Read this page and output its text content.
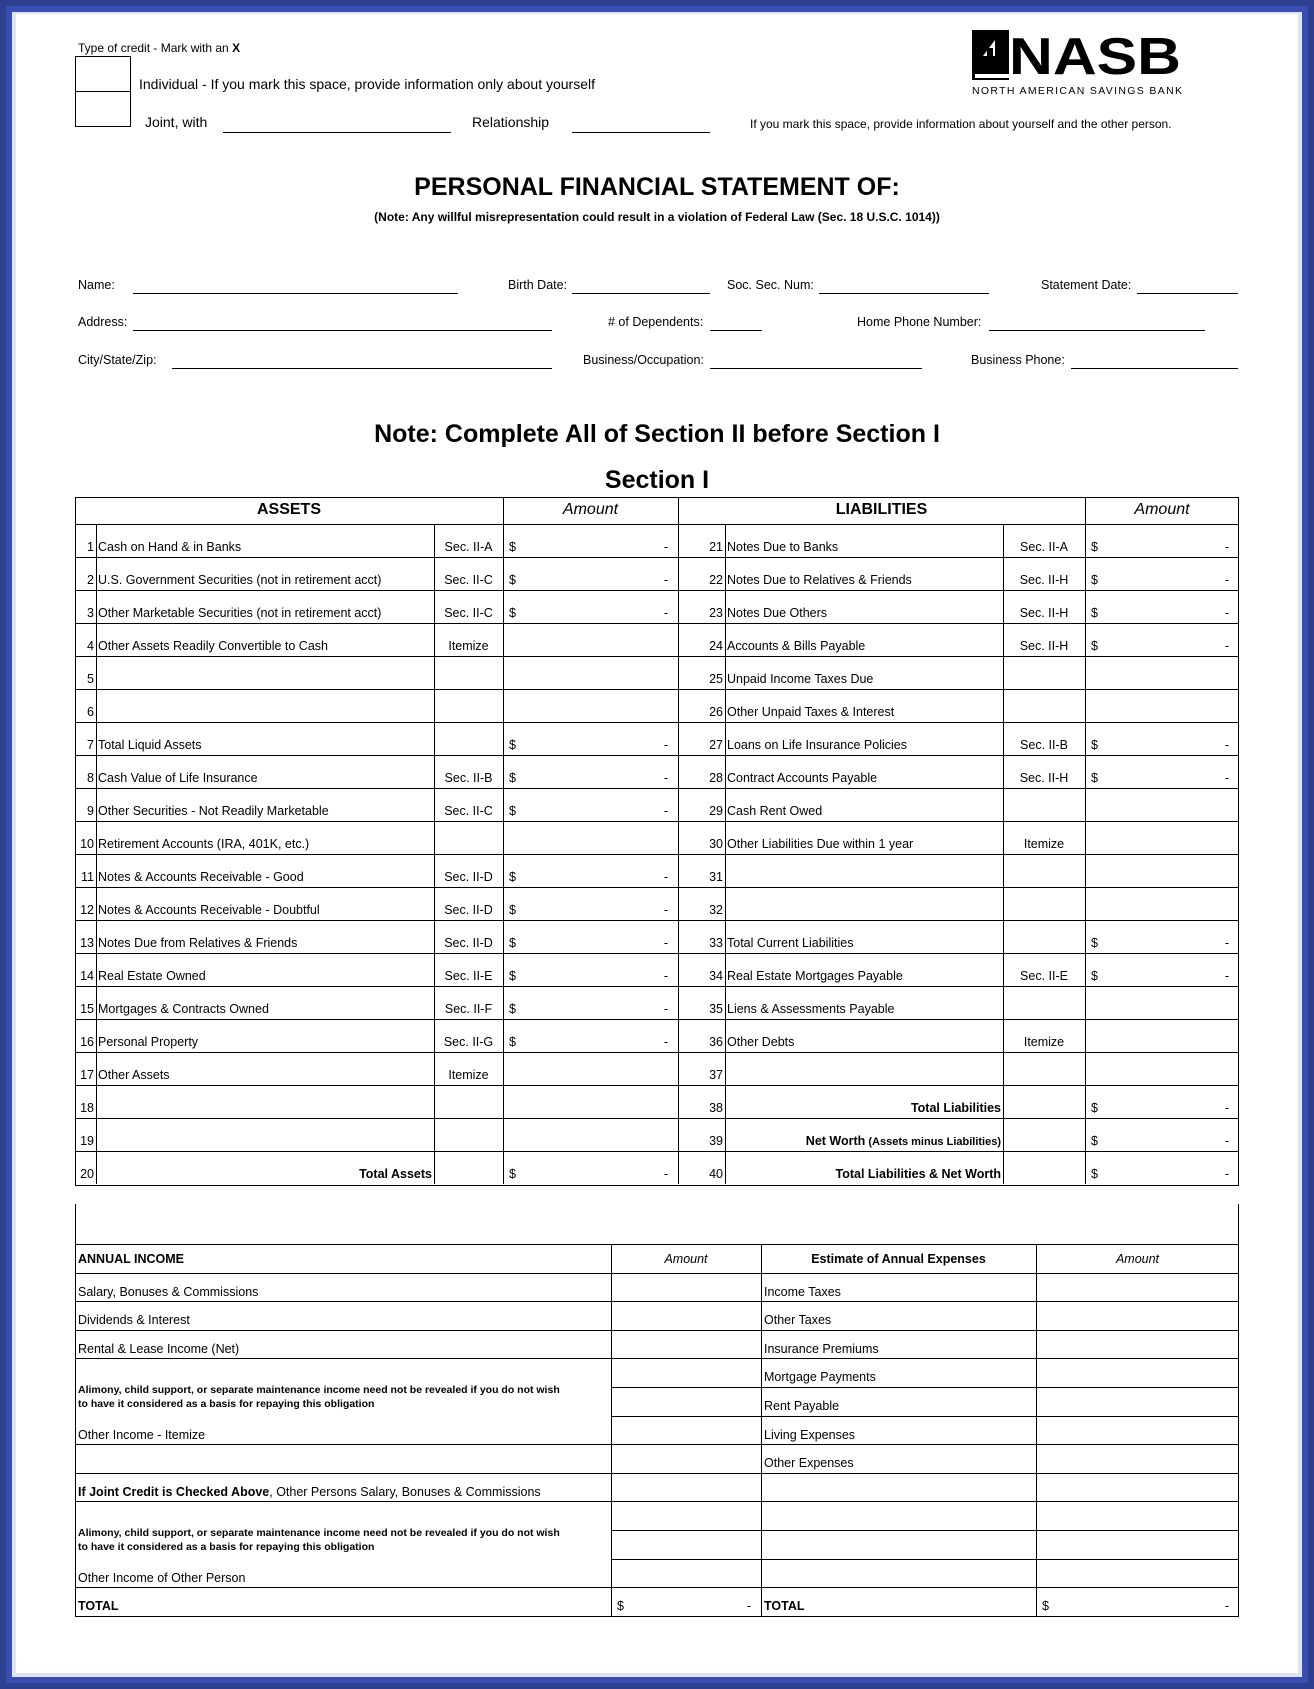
Type of credit - Mark with an X
Individual - If you mark this space, provide information only about yourself
Joint, with	Relationship	If you mark this space, provide information about yourself and the other person.
NASB
NORTH AMERICAN SAVINGS BANK
PERSONAL FINANCIAL STATEMENT OF:
(Note: Any willful misrepresentation could result in a violation of Federal Law (Sec. 18 U.S.C. 1014))
Name:	Birth Date:	Soc. Sec. Num:	Statement Date:
Address:	# of Dependents:	Home Phone Number:
City/State/Zip:	Business/Occupation:	Business Phone:
Note: Complete All of Section II before Section I
Section I
ASSETS	Amount	LIABILITIES	Amount
1 Cash on Hand & in Banks	Sec. II-A	$	-	21 Notes Due to Banks	Sec. II-A	$	-
2 U.S. Government Securities (not in retirement acct)	Sec. II-C	$	-	22 Notes Due to Relatives & Friends	Sec. II-H	$	-
3 Other Marketable Securities (not in retirement acct)	Sec. II-C	$	-	23 Notes Due Others	Sec. II-H	$	-
4 Other Assets Readily Convertible to Cash	Itemize	24 Accounts & Bills Payable	Sec. II-H	$	-
5	25 Unpaid Income Taxes Due
6	26 Other Unpaid Taxes & Interest
7 Total Liquid Assets	$	-	27 Loans on Life Insurance Policies	Sec. II-B	$	-
8 Cash Value of Life Insurance	Sec. II-B	$	-	28 Contract Accounts Payable	Sec. II-H	$	-
9 Other Securities - Not Readily Marketable	Sec. II-C	$	-	29 Cash Rent Owed
10 Retirement Accounts (IRA, 401K, etc.)	30 Other Liabilities Due within 1 year	Itemize
11 Notes & Accounts Receivable - Good	Sec. II-D	$	-	31
12 Notes & Accounts Receivable - Doubtful	Sec. II-D	$	-	32
13 Notes Due from Relatives & Friends	Sec. II-D	$	-	33 Total Current Liabilities	$	-
14 Real Estate Owned	Sec. II-E	$	-	34 Real Estate Mortgages Payable	Sec. II-E	$	-
15 Mortgages & Contracts Owned	Sec. II-F	$	-	35 Liens & Assessments Payable
16 Personal Property	Sec. II-G	$	-	36 Other Debts	Itemize
17 Other Assets	Itemize	37
18	38	Total Liabilities	$	-
19	39	Net Worth (Assets minus Liabilities)	$	-
20	Total Assets	$	-	40	Total Liabilities & Net Worth	$	-
ANNUAL INCOME	Amount	Estimate of Annual Expenses	Amount
Salary, Bonuses & Commissions	Income Taxes
Dividends & Interest	Other Taxes
Rental & Lease Income (Net)	Insurance Premiums
Alimony, child support, or separate maintenance income need not be revealed if you do not wish
to have it considered as a basis for repaying this obligation
Other Income - Itemize
Mortgage Payments
Rent Payable
Living Expenses
Other Expenses
If Joint Credit is Checked Above, Other Persons Salary, Bonuses & Commissions
Alimony, child support, or separate maintenance income need not be revealed if you do not wish
to have it considered as a basis for repaying this obligation
Other Income of Other Person
TOTAL	$	- TOTAL	$	-
